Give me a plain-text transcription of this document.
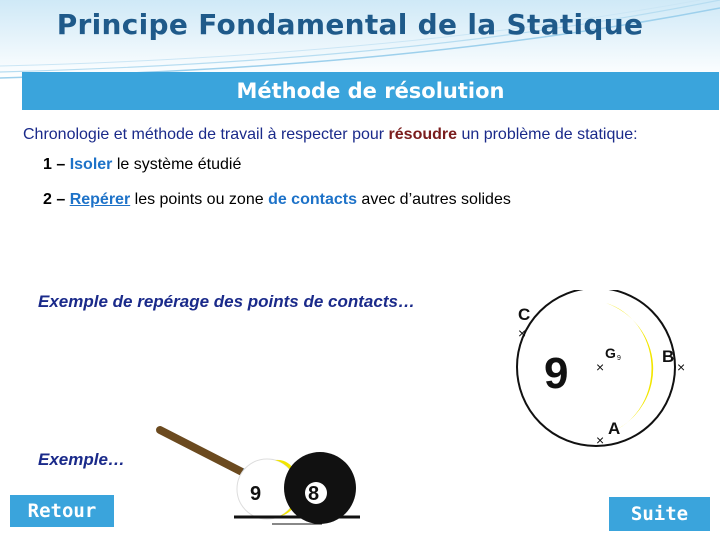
Principe Fondamental de la Statique
Méthode de résolution
Chronologie et méthode de travail à respecter pour résoudre un problème de statique:
1 – Isoler le système étudié
2 – Repérer les points ou zone de contacts avec d’autres solides
Exemple de repérage des points de contacts…
Exemple…
9
C
×
B
×
A
×
G 9
×
9 8
Retour	Suite
